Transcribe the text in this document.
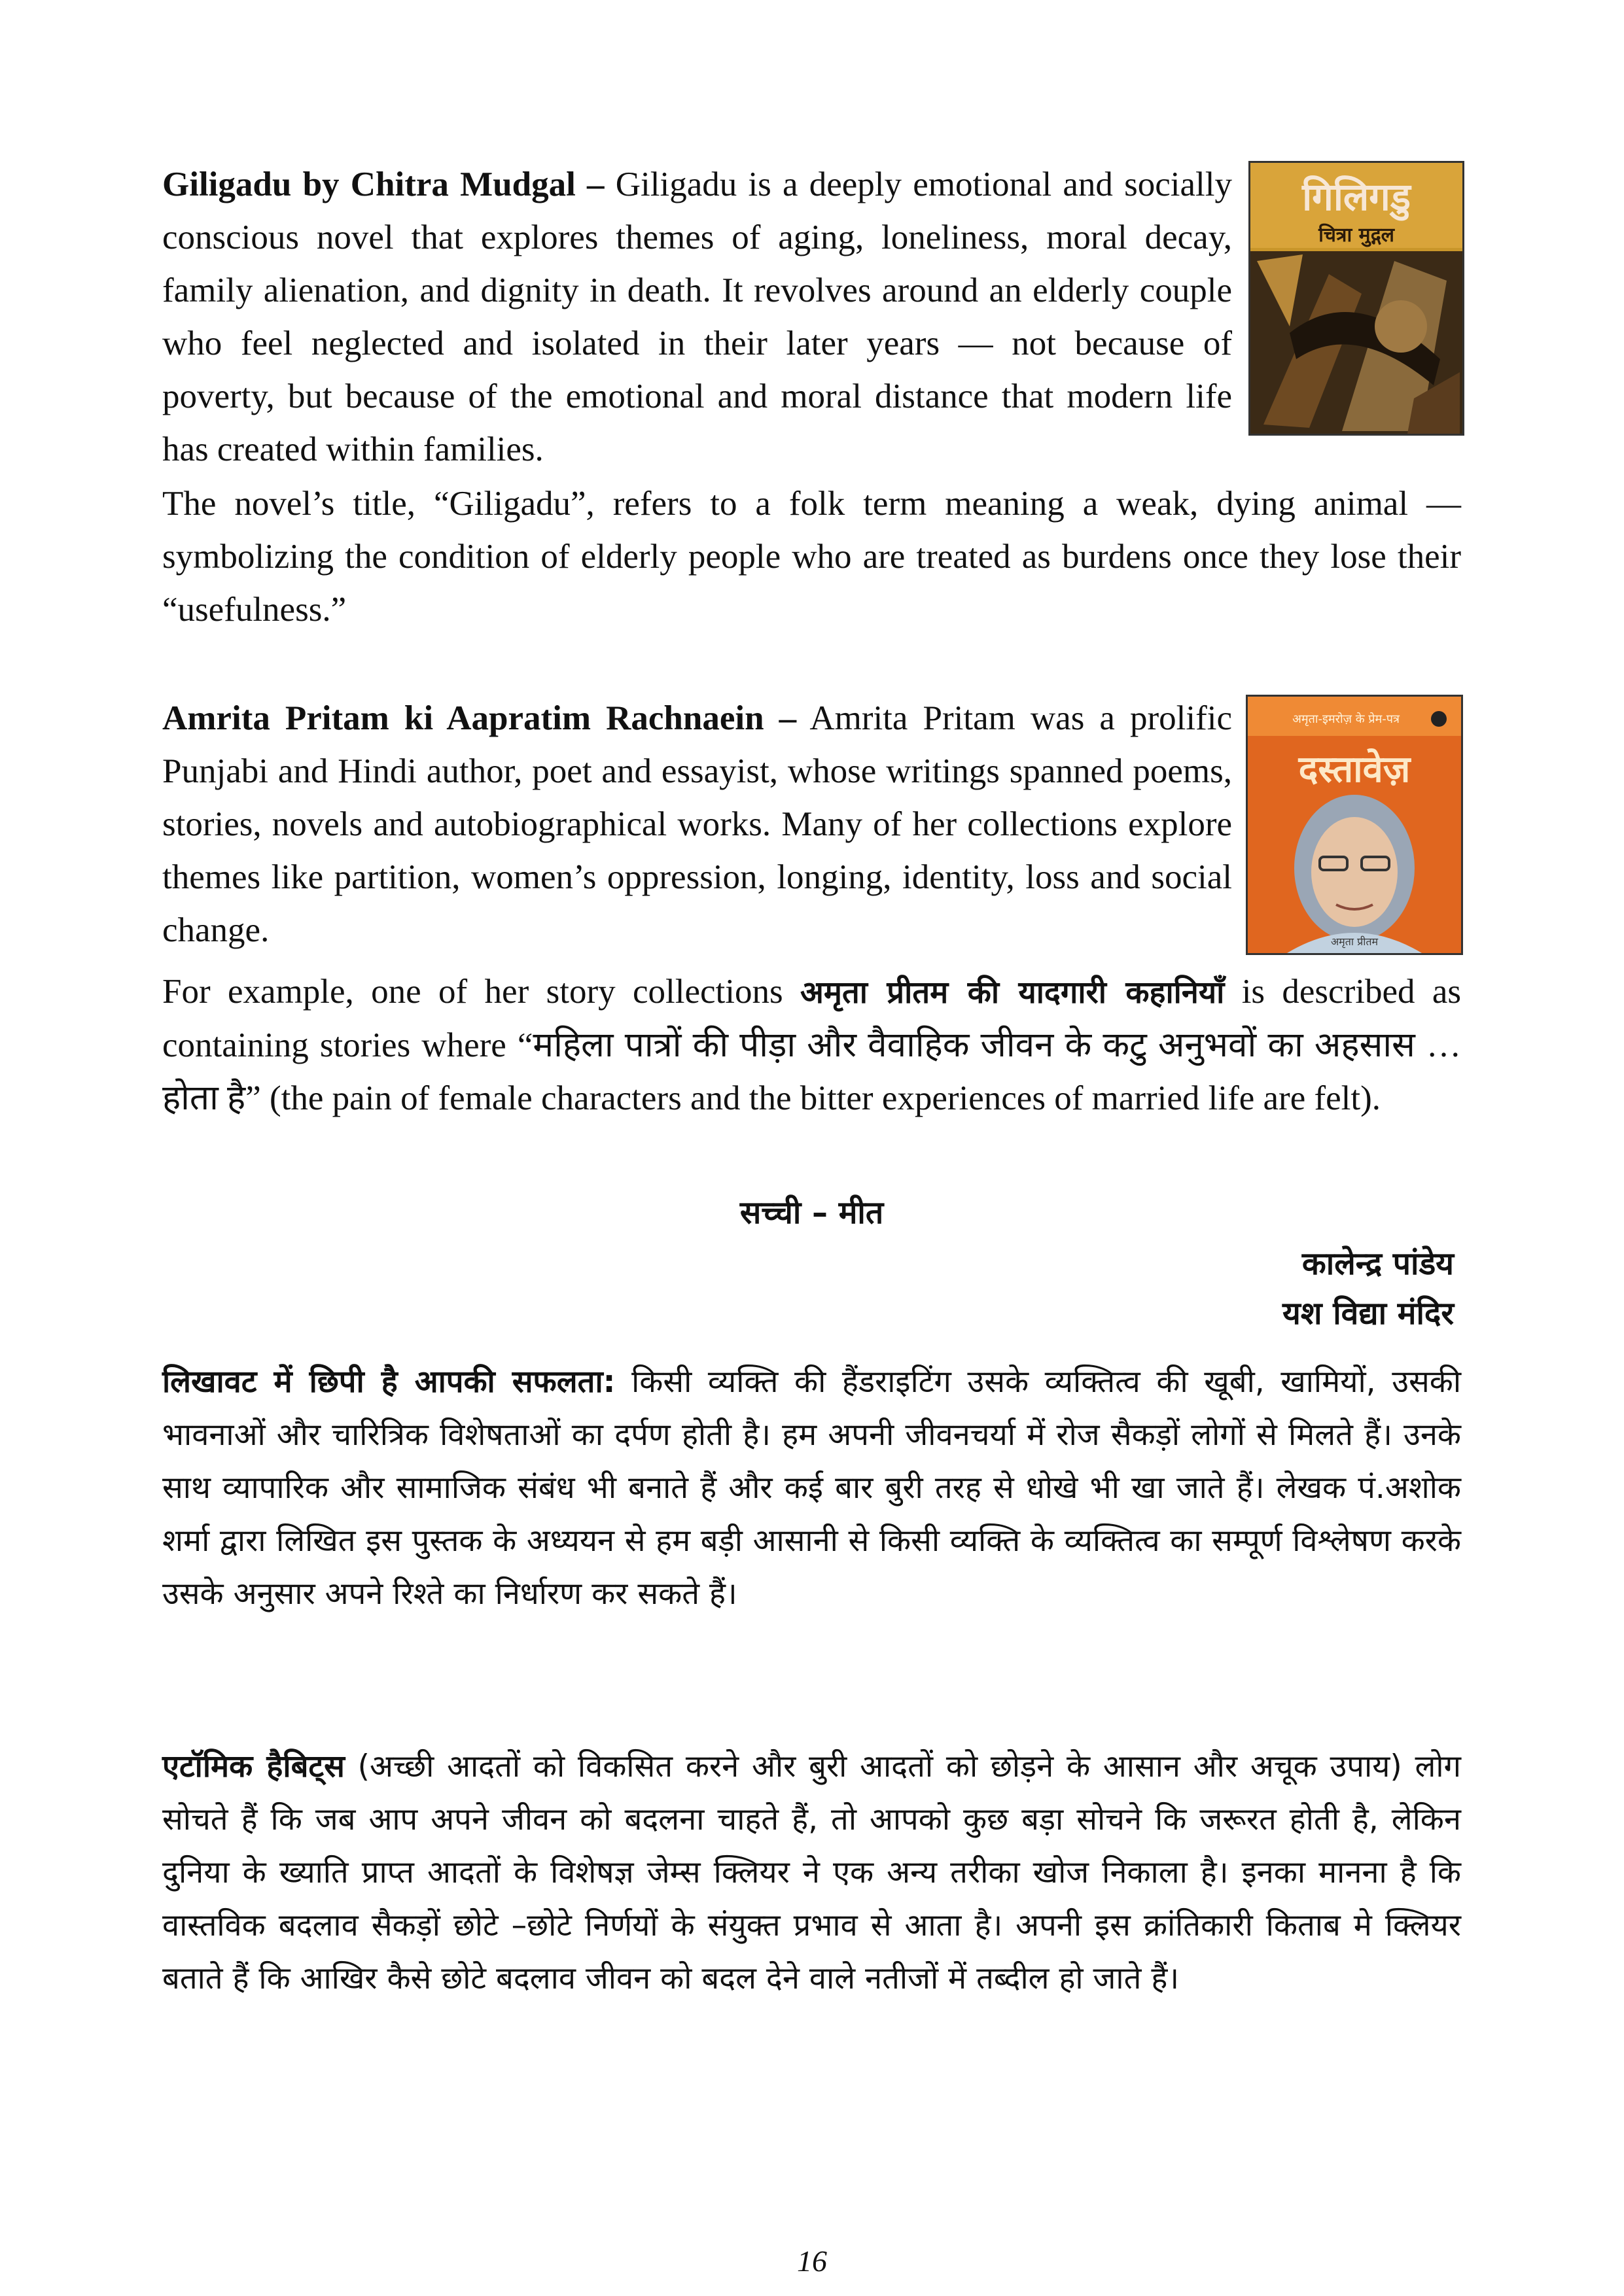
Giligadu by Chitra Mudgal – Giligadu is a deeply emotional and socially conscious novel that explores themes of aging, loneliness, moral decay, family alienation, and dignity in death. It revolves around an elderly couple who feel neglected and isolated in their later years — not because of poverty, but because of the emotional and moral distance that modern life has created within families.

गिलिगडु
चित्रा मुद्गल

The novel’s title, “Giligadu”, refers to a folk term meaning a weak, dying animal — symbolizing the condition of elderly people who are treated as burdens once they lose their “usefulness.”

Amrita Pritam ki Aapratim Rachnaein – Amrita Pritam was a prolific Punjabi and Hindi author, poet and essayist, whose writings spanned poems, stories, novels and autobiographical works. Many of her collections explore themes like partition, women’s oppression, longing, identity, loss and social change.

अमृता-इमरोज़ के प्रेम-पत्र
दस्तावेज़
अमृता प्रीतम

For example, one of her story collections अमृता प्रीतम की यादगारी कहानियाँ is described as containing stories where “महिला पात्रों की पीड़ा और वैवाहिक जीवन के कटु अनुभवों का अहसास … होता है” (the pain of female characters and the bitter experiences of married life are felt).

सच्ची – मीत
कालेन्द्र पांडेय
यश विद्या मंदिर

लिखावट में छिपी है आपकी सफलता: किसी व्यक्ति की हैंडराइटिंग उसके व्यक्तित्व की खूबी, खामियों, उसकी भावनाओं और चारित्रिक विशेषताओं का दर्पण होती है। हम अपनी जीवनचर्या में रोज सैकड़ों लोगों से मिलते हैं। उनके साथ व्यापारिक और सामाजिक संबंध भी बनाते हैं और कई बार बुरी तरह से धोखे भी खा जाते हैं। लेखक पं.अशोक शर्मा द्वारा लिखित इस पुस्तक के अध्ययन से हम बड़ी आसानी से किसी व्यक्ति के व्यक्तित्व का सम्पूर्ण विश्लेषण करके उसके अनुसार अपने रिश्ते का निर्धारण कर सकते हैं।

एटॉमिक हैबिट्स (अच्छी आदतों को विकसित करने और बुरी आदतों को छोड़ने के आसान और अचूक उपाय) लोग सोचते हैं कि जब आप अपने जीवन को बदलना चाहते हैं, तो आपको कुछ बड़ा सोचने कि जरूरत होती है, लेकिन दुनिया के ख्याति प्राप्त आदतों के विशेषज्ञ जेम्स क्लियर ने एक अन्य तरीका खोज निकाला है। इनका मानना है कि वास्तविक बदलाव सैकड़ों छोटे –छोटे निर्णयों के संयुक्त प्रभाव से आता है। अपनी इस क्रांतिकारी किताब मे क्लियर बताते हैं कि आखिर कैसे छोटे बदलाव जीवन को बदल देने वाले नतीजों में तब्दील हो जाते हैं।

16
